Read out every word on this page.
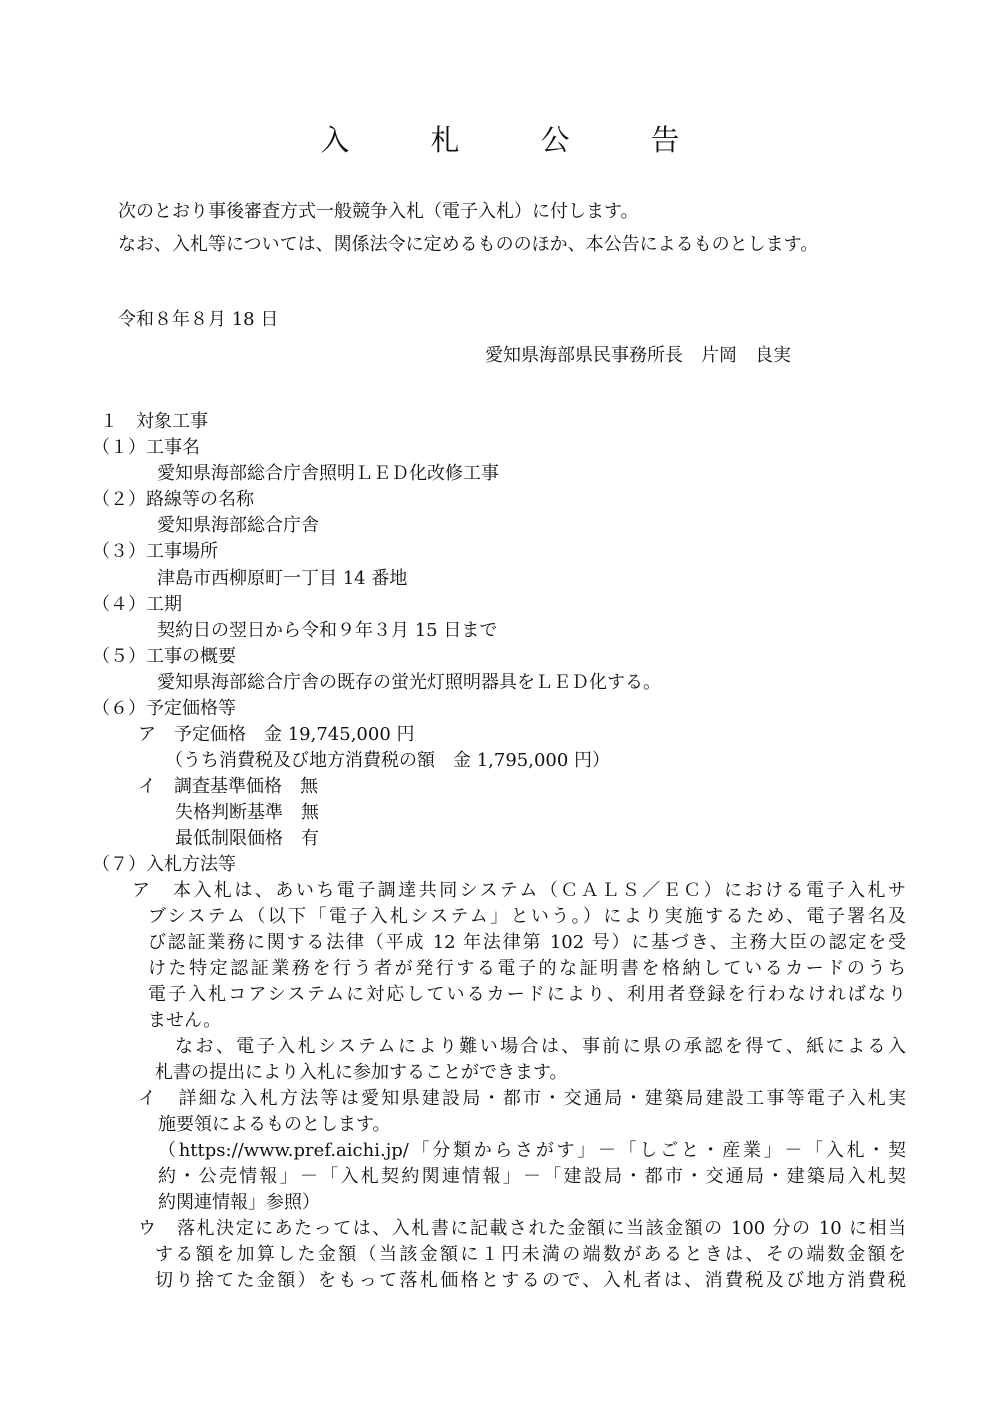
入　札　公　告
次のとおり事後審査方式一般競争入札（電子入札）に付します。
なお、入札等については、関係法令に定めるもののほか、本公告によるものとします。
令和８年８月 18 日
愛知県海部県民事務所長　片岡　良実
１　対象工事
（１）工事名
愛知県海部総合庁舎照明ＬＥＤ化改修工事
（２）路線等の名称
愛知県海部総合庁舎
（３）工事場所
津島市西柳原町一丁目 14 番地
（４）工期
契約日の翌日から令和９年３月 15 日まで
（５）工事の概要
愛知県海部総合庁舎の既存の蛍光灯照明器具をＬＥＤ化する。
（６）予定価格等
ア　予定価格　金 19,745,000 円
（うち消費税及び地方消費税の額　金 1,795,000 円）
イ　調査基準価格　無
失格判断基準　無
最低制限価格　有
（７）入札方法等
ア　本入札は、あいち電子調達共同システム（ＣＡＬＳ／ＥＣ）における電子入札サ
ブシステム（以下「電子入札システム」という。）により実施するため、電子署名及
び認証業務に関する法律（平成 12 年法律第 102 号）に基づき、主務大臣の認定を受
けた特定認証業務を行う者が発行する電子的な証明書を格納しているカードのうち
電子入札コアシステムに対応しているカードにより、利用者登録を行わなければなり
ません。
なお、電子入札システムにより難い場合は、事前に県の承認を得て、紙による入
札書の提出により入札に参加することができます。
イ　詳細な入札方法等は愛知県建設局・都市・交通局・建築局建設工事等電子入札実
施要領によるものとします。
（https://www.pref.aichi.jp/「分類からさがす」－「しごと・産業」－「入札・契
約・公売情報」－「入札契約関連情報」－「建設局・都市・交通局・建築局入札契
約関連情報」参照）
ウ　落札決定にあたっては、入札書に記載された金額に当該金額の 100 分の 10 に相当
する額を加算した金額（当該金額に１円未満の端数があるときは、その端数金額を
切り捨てた金額）をもって落札価格とするので、入札者は、消費税及び地方消費税
